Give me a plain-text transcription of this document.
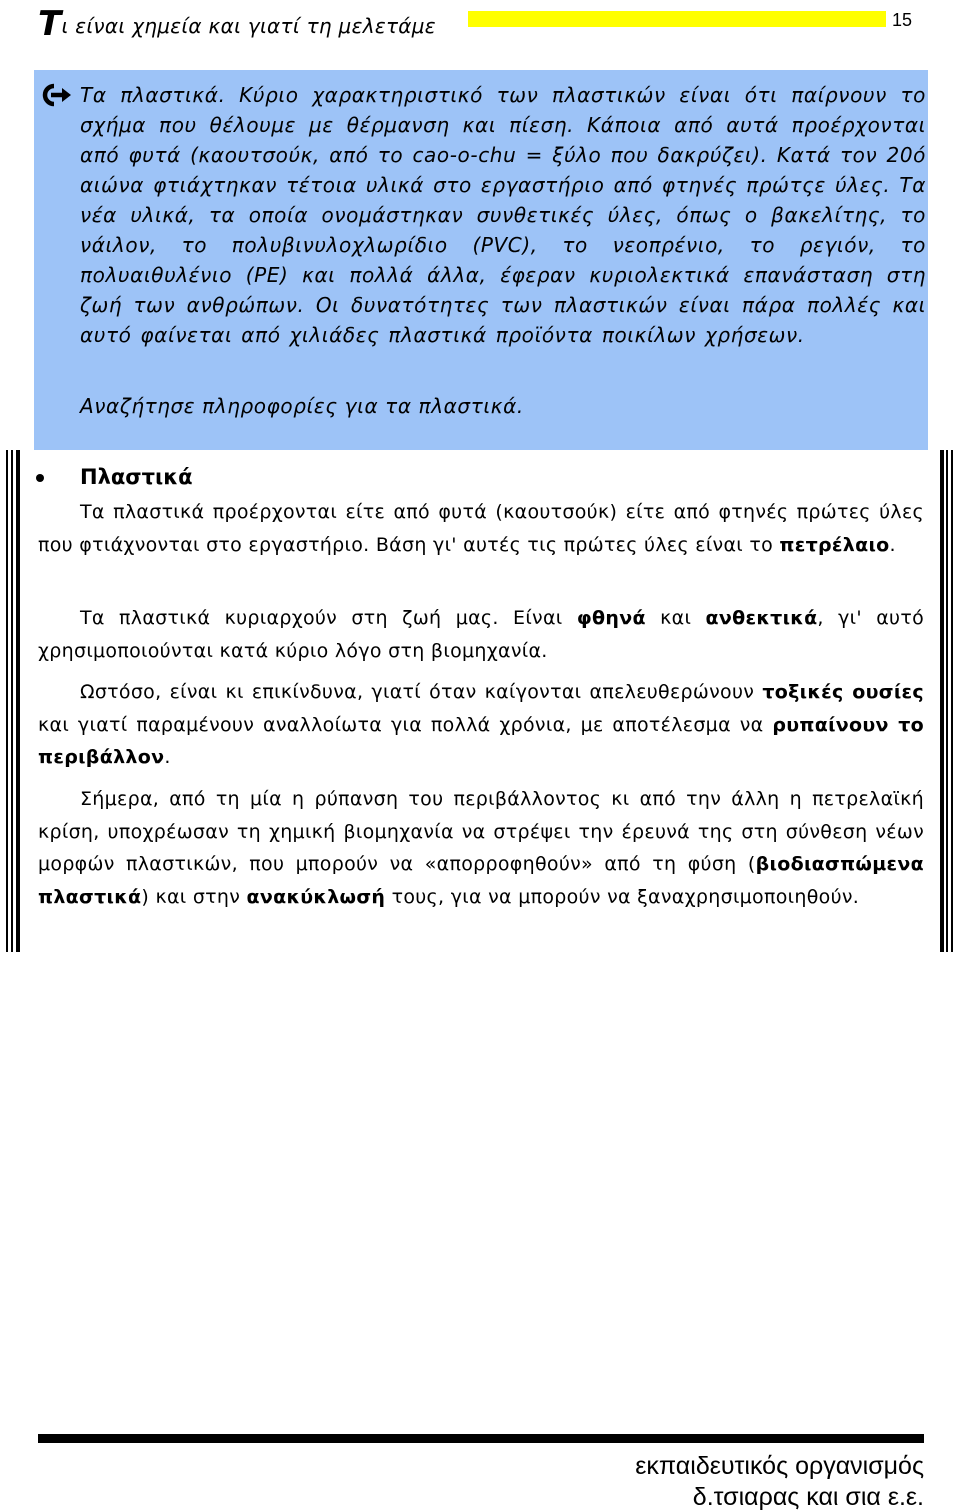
Τι είναι χημεία και γιατί τη μελετάμε	15

Τα πλαστικά. Κύριο χαρακτηριστικό των πλαστικών είναι ότι παίρνουν το σχήμα που θέλουμε με θέρμανση και πίεση. Κάποια από αυτά προέρχονται από φυτά (καουτσούκ, από το cao-o-chu = ξύλο που δακρύζει). Κατά τον 20ό αιώνα φτιάχτηκαν τέτοια υλικά στο εργαστήριο από φτηνές πρώτςε ύλες. Τα νέα υλικά, τα οποία ονομάστηκαν συνθετικές ύλες, όπως ο βακελίτης, το νάιλον, το πολυβινυλοχλωρίδιο (PVC), το νεοπρένιο, το ρεγιόν, το πολυαιθυλένιο (PE) και πολλά άλλα, έφεραν κυριολεκτικά επανάσταση στη ζωή των ανθρώπων. Οι δυνατότητες των πλαστικών είναι πάρα πολλές και αυτό φαίνεται από χιλιάδες πλαστικά προϊόντα ποικίλων χρήσεων.

Αναζήτησε πληροφορίες για τα πλαστικά.

Πλαστικά

Τα πλαστικά προέρχονται είτε από φυτά (καουτσούκ) είτε από φτηνές πρώτες ύλες που φτιάχνονται στο εργαστήριο. Βάση γι' αυτές τις πρώτες ύλες είναι το πετρέλαιο.

Τα πλαστικά κυριαρχούν στη ζωή μας. Είναι φθηνά και ανθεκτικά, γι' αυτό χρησιμοποιούνται κατά κύριο λόγο στη βιομηχανία.

Ωστόσο, είναι κι επικίνδυνα, γιατί όταν καίγονται απελευθερώνουν τοξικές ουσίες και γιατί παραμένουν αναλλοίωτα για πολλά χρόνια, με αποτέλεσμα να ρυπαίνουν το περιβάλλον.

Σήμερα, από τη μία η ρύπανση του περιβάλλοντος κι από την άλλη η πετρελαϊκή κρίση, υποχρέωσαν τη χημική βιομηχανία να στρέψει την έρευνά της στη σύνθεση νέων μορφών πλαστικών, που μπορούν να «απορροφηθούν» από τη φύση (βιοδιασπώμενα πλαστικά) και στην ανακύκλωσή τους, για να μπορούν να ξαναχρησιμοποιηθούν.

εκπαιδευτικός οργανισμός

δ.τσιαρας και σια ε.ε.
